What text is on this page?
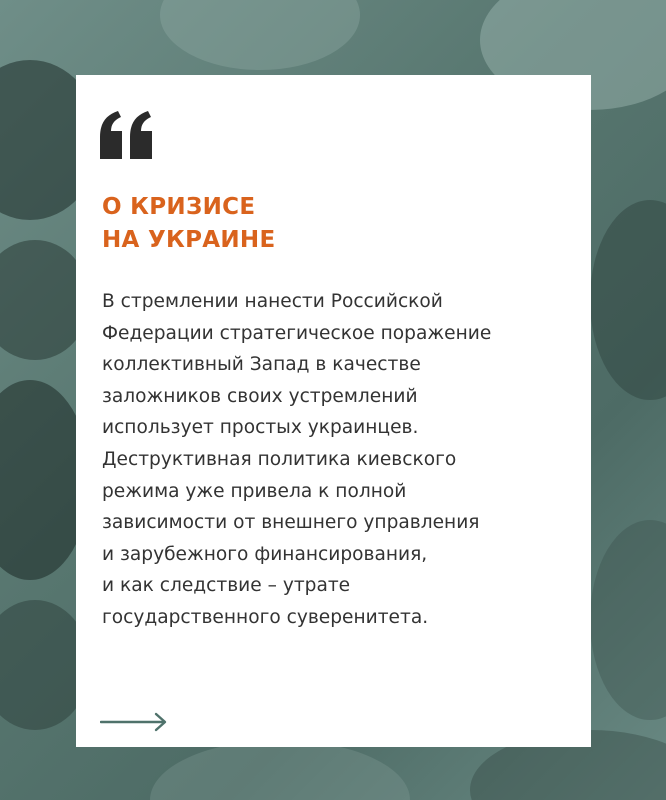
О КРИЗИСЕ
НА УКРАИНЕ

В стремлении нанести Российской
Федерации стратегическое поражение
коллективный Запад в качестве
заложников своих устремлений
использует простых украинцев.
Деструктивная политика киевского
режима уже привела к полной
зависимости от внешнего управления
и зарубежного финансирования,
и как следствие – утрате
государственного суверенитета.
